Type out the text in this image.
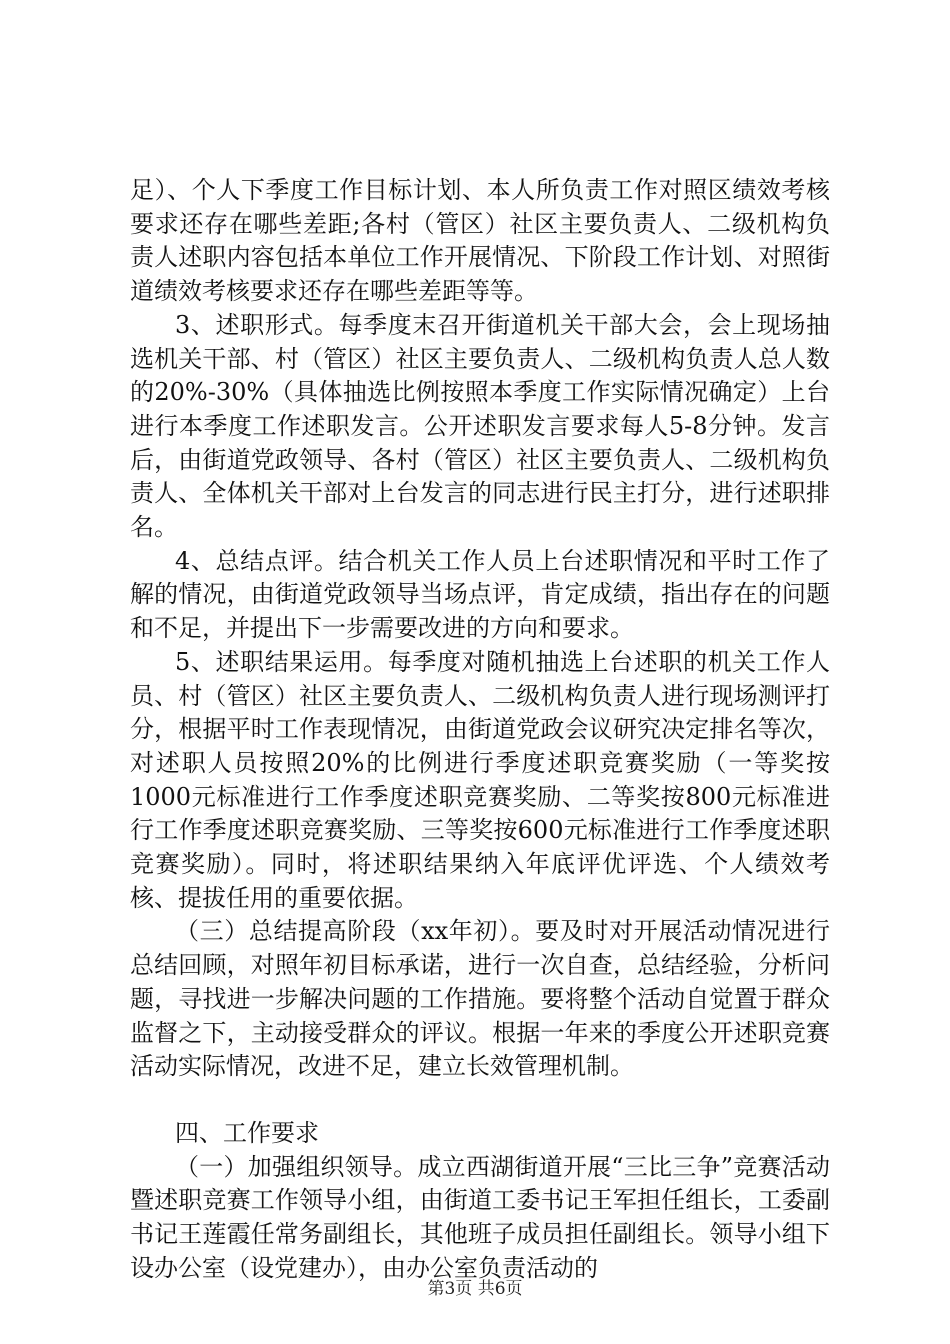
足）、个人下季度工作目标计划、本人所负责工作对照区绩效考核要求还存在哪些差距;各村（管区）社区主要负责人、二级机构负责人述职内容包括本单位工作开展情况、下阶段工作计划、对照街道绩效考核要求还存在哪些差距等等。

3、述职形式。每季度末召开街道机关干部大会，会上现场抽选机关干部、村（管区）社区主要负责人、二级机构负责人总人数的20%-30%（具体抽选比例按照本季度工作实际情况确定）上台进行本季度工作述职发言。公开述职发言要求每人5-8分钟。发言后，由街道党政领导、各村（管区）社区主要负责人、二级机构负责人、全体机关干部对上台发言的同志进行民主打分，进行述职排名。

4、总结点评。结合机关工作人员上台述职情况和平时工作了解的情况，由街道党政领导当场点评，肯定成绩，指出存在的问题和不足，并提出下一步需要改进的方向和要求。

5、述职结果运用。每季度对随机抽选上台述职的机关工作人员、村（管区）社区主要负责人、二级机构负责人进行现场测评打分，根据平时工作表现情况，由街道党政会议研究决定排名等次，对述职人员按照20%的比例进行季度述职竞赛奖励（一等奖按1000元标准进行工作季度述职竞赛奖励、二等奖按800元标准进行工作季度述职竞赛奖励、三等奖按600元标准进行工作季度述职竞赛奖励）。同时，将述职结果纳入年底评优评选、个人绩效考核、提拔任用的重要依据。

（三）总结提高阶段（xx年初）。要及时对开展活动情况进行总结回顾，对照年初目标承诺，进行一次自查，总结经验，分析问题，寻找进一步解决问题的工作措施。要将整个活动自觉置于群众监督之下，主动接受群众的评议。根据一年来的季度公开述职竞赛活动实际情况，改进不足，建立长效管理机制。

四、工作要求

（一）加强组织领导。成立西湖街道开展“三比三争”竞赛活动暨述职竞赛工作领导小组，由街道工委书记王军担任组长，工委副书记王莲霞任常务副组长，其他班子成员担任副组长。领导小组下设办公室（设党建办），由办公室负责活动的

第3页 共6页
